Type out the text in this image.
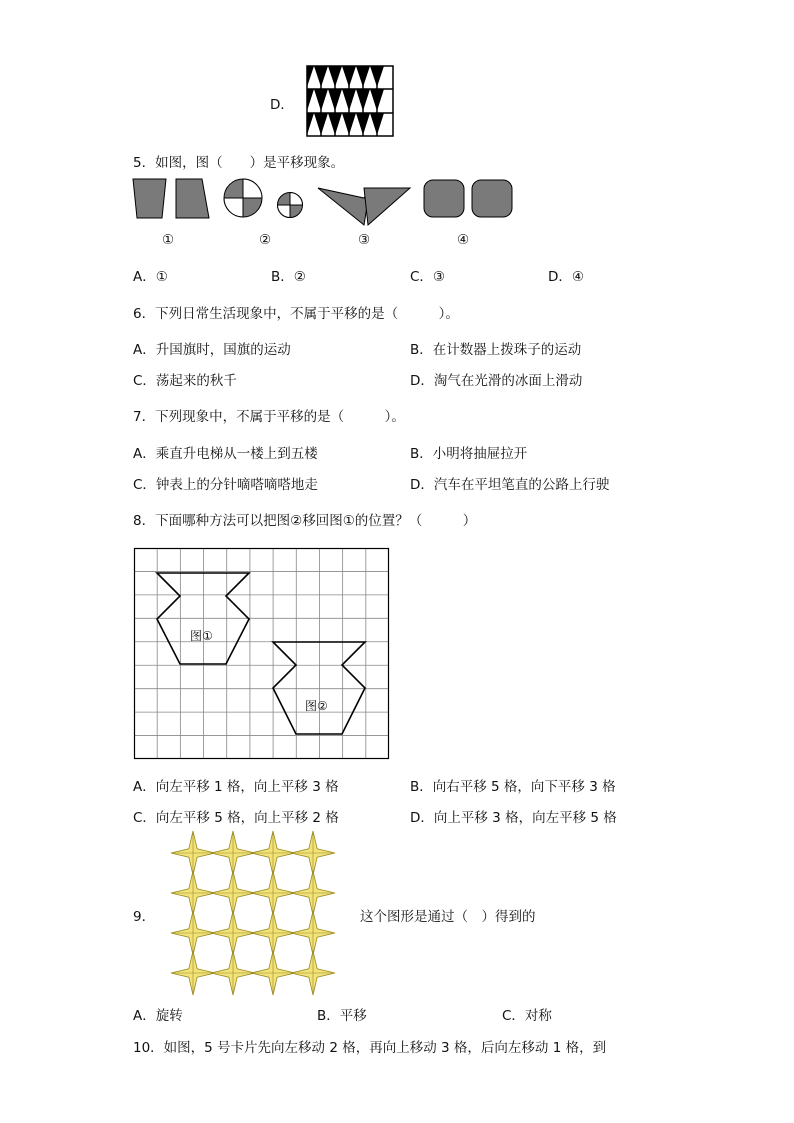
D．
5．如图，图（　　）是平移现象。
①	②	③	④
A．①	B．②	C．③	D．④
6．下列日常生活现象中，不属于平移的是（　　　）。
A．升国旗时，国旗的运动	B．在计数器上拨珠子的运动
C．荡起来的秋千	D．淘气在光滑的冰面上滑动
7．下列现象中，不属于平移的是（　　　）。
A．乘直升电梯从一楼上到五楼	B．小明将抽屉拉开
C．钟表上的分针嘀嗒嘀嗒地走	D．汽车在平坦笔直的公路上行驶
8．下面哪种方法可以把图②移回图①的位置？（　　　）
图①
图②
A．向左平移 1 格，向上平移 3 格	B．向右平移 5 格，向下平移 3 格
C．向左平移 5 格，向上平移 2 格	D．向上平移 3 格，向左平移 5 格
9．	这个图形是通过（　）得到的
A．旋转	B．平移	C．对称
10．如图，5 号卡片先向左移动 2 格，再向上移动 3 格，后向左移动 1 格，到
